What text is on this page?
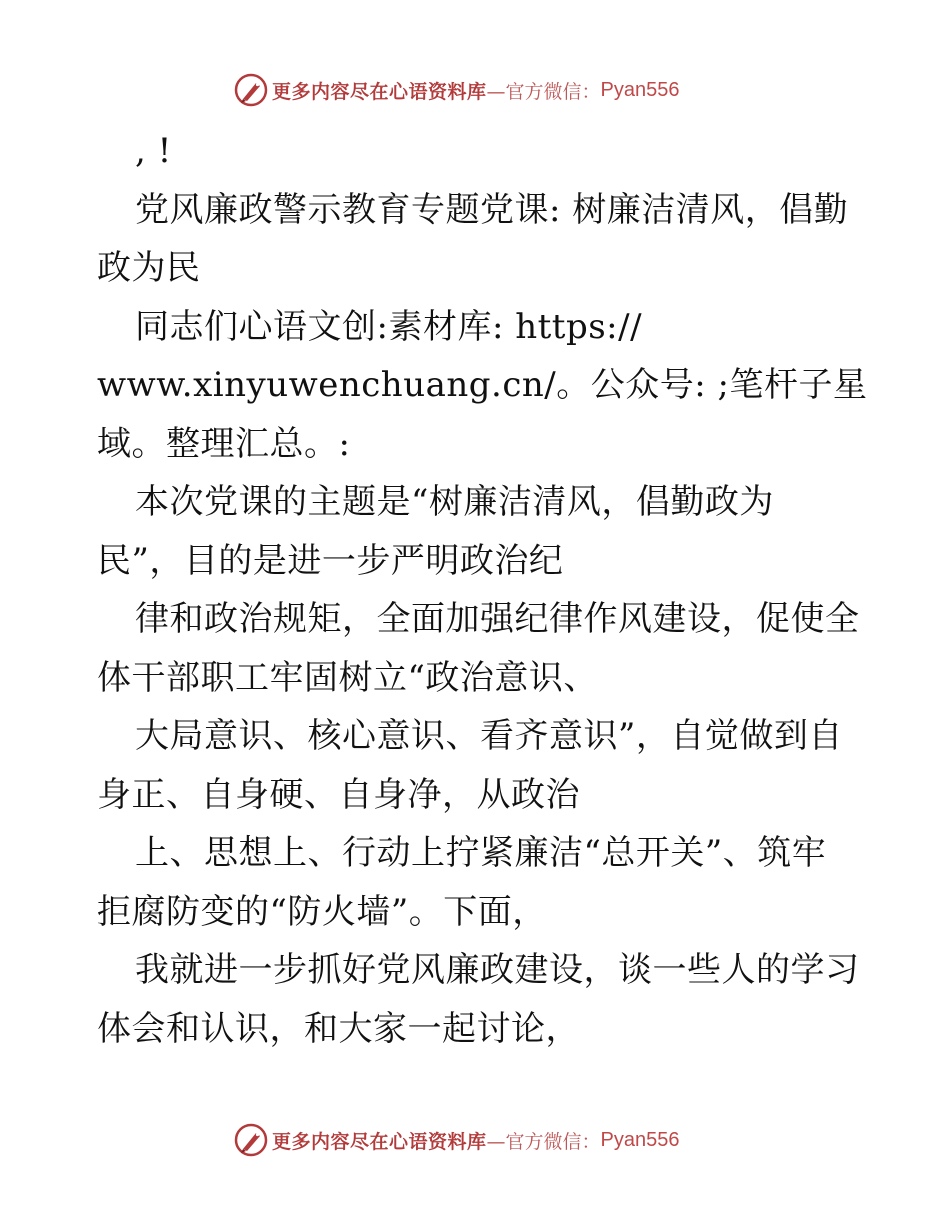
更多内容尽在心语资料库 —官方微信： Pyan556
, !
党风廉政警示教育专题党课: 树廉洁清风，倡勤
政为民
同志们心语文创:素材库: https://
www.xinyuwenchuang.cn/。公众号: ;笔杆子星
域。整理汇总。:
本次党课的主题是“树廉洁清风，倡勤政为
民”，目的是进一步严明政治纪
律和政治规矩，全面加强纪律作风建设，促使全
体干部职工牢固树立“政治意识、
大局意识、核心意识、看齐意识”，自觉做到自
身正、自身硬、自身净，从政治
上、思想上、行动上拧紧廉洁“总开关”、筑牢
拒腐防变的“防火墙”。下面，
我就进一步抓好党风廉政建设，谈一些人的学习
体会和认识，和大家一起讨论，
更多内容尽在心语资料库 —官方微信： Pyan556
